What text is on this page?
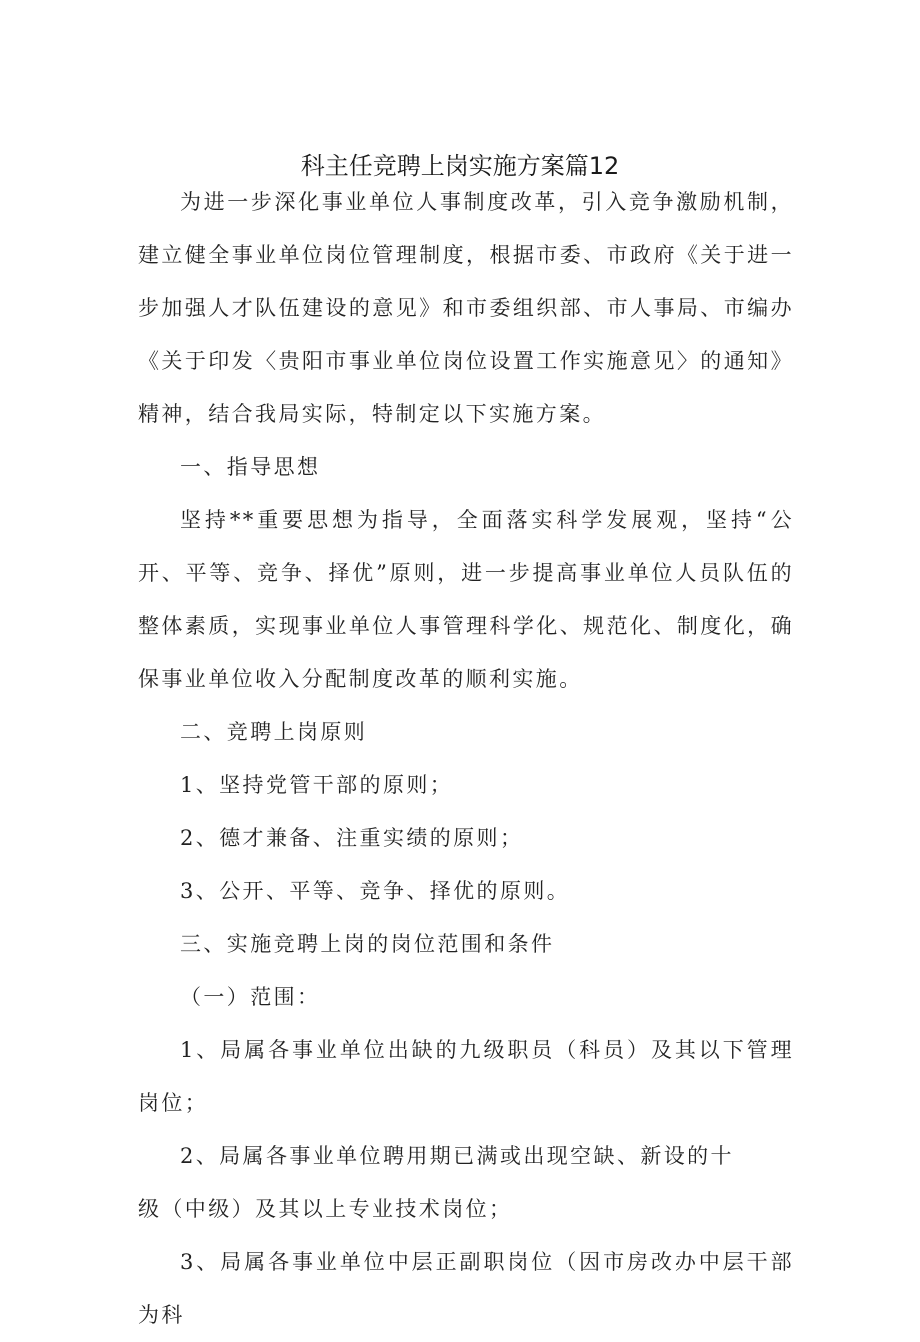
科主任竞聘上岗实施方案篇12

为进一步深化事业单位人事制度改革，引入竞争激励机制，建立健全事业单位岗位管理制度，根据市委、市政府《关于进一步加强人才队伍建设的意见》和市委组织部、市人事局、市编办《关于印发〈贵阳市事业单位岗位设置工作实施意见〉的通知》精神，结合我局实际，特制定以下实施方案。

一、指导思想

坚持**重要思想为指导，全面落实科学发展观，坚持“公开、平等、竞争、择优”原则，进一步提高事业单位人员队伍的整体素质，实现事业单位人事管理科学化、规范化、制度化，确保事业单位收入分配制度改革的顺利实施。

二、竞聘上岗原则

1、坚持党管干部的原则；

2、德才兼备、注重实绩的原则；

3、公开、平等、竞争、择优的原则。

三、实施竞聘上岗的岗位范围和条件

（一）范围：

1、局属各事业单位出缺的九级职员（科员）及其以下管理岗位；

2、局属各事业单位聘用期已满或出现空缺、新设的十

级（中级）及其以上专业技术岗位；

3、局属各事业单位中层正副职岗位（因市房改办中层干部为科
